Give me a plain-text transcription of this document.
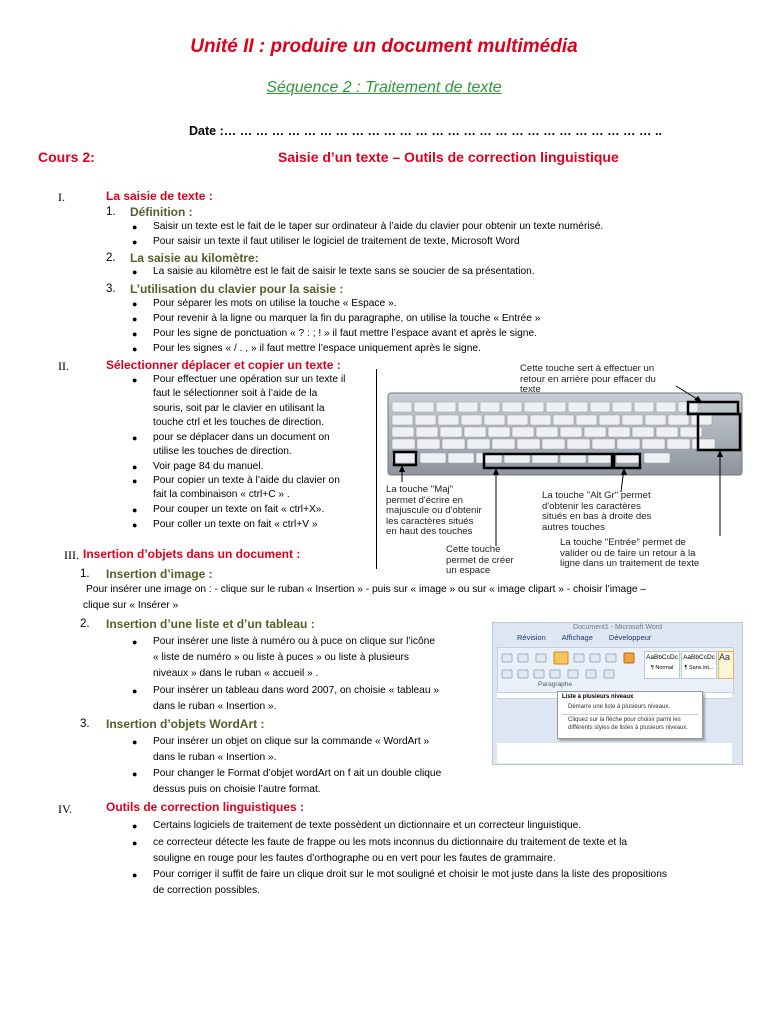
Unité II : produire un document multimédia
Séquence 2 : Traitement de texte
Date :… … … … … … … … … … … … … … … … … … … … … … … … … … … ..
Cours 2:	Saisie d’un texte – Outils de correction linguistique
I.	La saisie de texte :
1. Définition :
● Saisir un texte est le fait de le taper sur ordinateur à l’aide du clavier pour obtenir un texte numérisé.
● Pour saisir un texte il faut utiliser le logiciel de traitement de texte, Microsoft Word
2. La saisie au kilomètre:
● La saisie au kilomètre est le fait de saisir le texte sans se soucier de sa présentation.
3. L’utilisation du clavier pour la saisie :
● Pour séparer les mots on utilise la touche « Espace ».
● Pour revenir à la ligne ou marquer la fin du paragraphe, on utilise la touche « Entrée »
● Pour les signe de ponctuation « ? : ; ! » il faut mettre l’espace avant et après le signe.
● Pour les signes « / . , » il faut mettre l’espace uniquement après le signe.
II.	Sélectionner déplacer et copier un texte :
● Pour effectuer une opération sur un texte il
faut le sélectionner soit à l’aide de la
souris, soit par le clavier en utilisant la
touche ctrl et les touches de direction.
● pour se déplacer dans un document on
utilise les touches de direction.
● Voir page 84 du manuel.
● Pour copier un texte à l’aide du clavier on
fait la combinaison « ctrl+C » .
● Pour couper un texte on fait « ctrl+X».
● Pour coller un texte on fait « ctrl+V »
Cette touche sert à effectuer un
retour en arrière pour effacer du
texte
La touche "Maj"
permet d'écrire en
majuscule ou d'obtenir
les caractères situés
en haut des touches
La touche "Alt Gr" permet
d'obtenir les caractères
situés en bas à droite des
autres touches
Cette touche
permet de créer
un espace
La touche "Entrée" permet de
valider ou de faire un retour à la
ligne dans un traitement de texte
III. Insertion d’objets dans un document :
1. Insertion d’image :
Pour insérer une image on : - clique sur le ruban « Insertion » - puis sur « image » ou sur « image clipart » - choisir l’image –
clique sur « Insérer »
2. Insertion d’une liste et d’un tableau :
● Pour insérer une liste à numéro ou à puce on clique sur l’icône
« liste de numéro » ou liste à puces » ou liste à plusieurs
niveaux » dans le ruban « accueil » .
● Pour insérer un tableau dans word 2007, on choisie « tableau »
dans le ruban « Insertion ».
Document1 - Microsoft Word
Révision Affichage Développeur
AaBbCcDc
¶ Normal
AaBbCcDc
¶ Sans int...
Aa
Paragraphe
Liste à plusieurs niveaux
Démarre une liste à plusieurs niveaux.
Cliquez sur la flèche pour choisir parmi les
différents styles de listes à plusieurs niveaux.
3. Insertion d’objets WordArt :
● Pour insérer un objet on clique sur la commande « WordArt »
dans le ruban « Insertion ».
● Pour changer le Format d’objet wordArt on f ait un double clique
dessus puis on choisie l’autre format.
IV.	Outils de correction linguistiques :
● Certains logiciels de traitement de texte possèdent un dictionnaire et un correcteur linguistique.
● ce correcteur détecte les faute de frappe ou les mots inconnus du dictionnaire du traitement de texte et la
souligne en rouge pour les fautes d’orthographe ou en vert pour les fautes de grammaire.
● Pour corriger il suffit de faire un clique droit sur le mot souligné et choisir le mot juste dans la liste des propositions
de correction possibles.
